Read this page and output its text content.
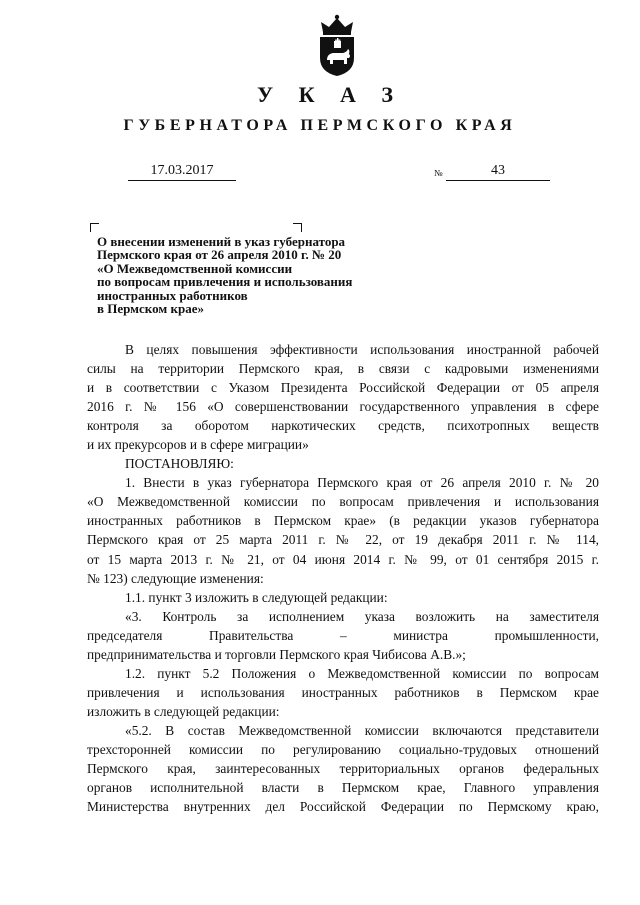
У К А З
ГУБЕРНАТОРА ПЕРМСКОГО КРАЯ
17.03.2017	№	43
О внесении изменений в указ губернатора
Пермского края от 26 апреля 2010 г. № 20
«О Межведомственной комиссии
по вопросам привлечения и использования
иностранных работников
в Пермском крае»

В целях повышения эффективности использования иностранной рабочей

силы на территории Пермского края, в связи с кадровыми изменениями

и в соответствии с Указом Президента Российской Федерации от 05 апреля

2016 г. № 156 «О совершенствовании государственного управления в сфере

контроля за оборотом наркотических средств, психотропных веществ

и их прекурсоров и в сфере миграции»

ПОСТАНОВЛЯЮ:

1. Внести в указ губернатора Пермского края от 26 апреля 2010 г. № 20

«О Межведомственной комиссии по вопросам привлечения и использования

иностранных работников в Пермском крае» (в редакции указов губернатора

Пермского края от 25 марта 2011 г. № 22, от 19 декабря 2011 г. № 114,

от 15 марта 2013 г. № 21, от 04 июня 2014 г. № 99, от 01 сентября 2015 г.

№ 123) следующие изменения:

1.1. пункт 3 изложить в следующей редакции:

«3. Контроль за исполнением указа возложить на заместителя

председателя Правительства – министра промышленности,

предпринимательства и торговли Пермского края Чибисова А.В.»;

1.2. пункт 5.2 Положения о Межведомственной комиссии по вопросам

привлечения и использования иностранных работников в Пермском крае

изложить в следующей редакции:

«5.2. В состав Межведомственной комиссии включаются представители

трехсторонней комиссии по регулированию социально-трудовых отношений

Пермского края, заинтересованных территориальных органов федеральных

органов исполнительной власти в Пермском крае, Главного управления

Министерства внутренних дел Российской Федерации по Пермскому краю,
